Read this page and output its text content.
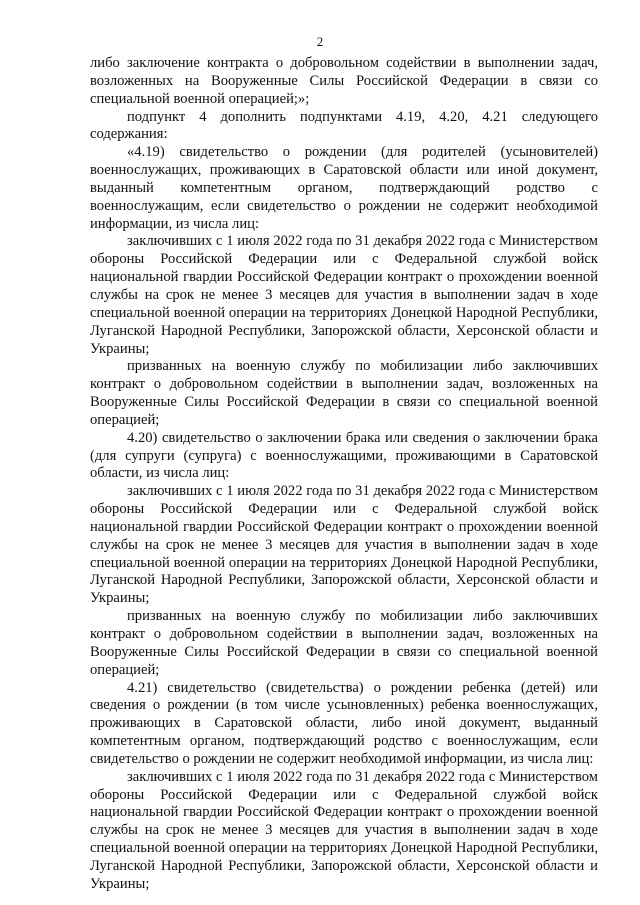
2

либо заключение контракта о добровольном содействии в выполнении задач, возложенных на Вооруженные Силы Российской Федерации в связи со специальной военной операцией;»;

подпункт 4 дополнить подпунктами 4.19, 4.20, 4.21 следующего содержания:

«4.19) свидетельство о рождении (для родителей (усыновителей) военнослужащих, проживающих в Саратовской области или иной документ, выданный компетентным органом, подтверждающий родство с военнослужащим, если свидетельство о рождении не содержит необходимой информации, из числа лиц:

заключивших с 1 июля 2022 года по 31 декабря 2022 года с Министерством обороны Российской Федерации или с Федеральной службой войск национальной гвардии Российской Федерации контракт о прохождении военной службы на срок не менее 3 месяцев для участия в выполнении задач в ходе специальной военной операции на территориях Донецкой Народной Республики, Луганской Народной Республики, Запорожской области, Херсонской области и Украины;

призванных на военную службу по мобилизации либо заключивших контракт о добровольном содействии в выполнении задач, возложенных на Вооруженные Силы Российской Федерации в связи со специальной военной операцией;

4.20) свидетельство о заключении брака или сведения о заключении брака (для супруги (супруга) с военнослужащими, проживающими в Саратовской области, из числа лиц:

заключивших с 1 июля 2022 года по 31 декабря 2022 года с Министерством обороны Российской Федерации или с Федеральной службой войск национальной гвардии Российской Федерации контракт о прохождении военной службы на срок не менее 3 месяцев для участия в выполнении задач в ходе специальной военной операции на территориях Донецкой Народной Республики, Луганской Народной Республики, Запорожской области, Херсонской области и Украины;

призванных на военную службу по мобилизации либо заключивших контракт о добровольном содействии в выполнении задач, возложенных на Вооруженные Силы Российской Федерации в связи со специальной военной операцией;

4.21) свидетельство (свидетельства) о рождении ребенка (детей) или сведения о рождении (в том числе усыновленных) ребенка военнослужащих, проживающих в Саратовской области, либо иной документ, выданный компетентным органом, подтверждающий родство с военнослужащим, если свидетельство о рождении не содержит необходимой информации, из числа лиц:

заключивших с 1 июля 2022 года по 31 декабря 2022 года с Министерством обороны Российской Федерации или с Федеральной службой войск национальной гвардии Российской Федерации контракт о прохождении военной службы на срок не менее 3 месяцев для участия в выполнении задач в ходе специальной военной операции на территориях Донецкой Народной Республики, Луганской Народной Республики, Запорожской области, Херсонской области и Украины;
